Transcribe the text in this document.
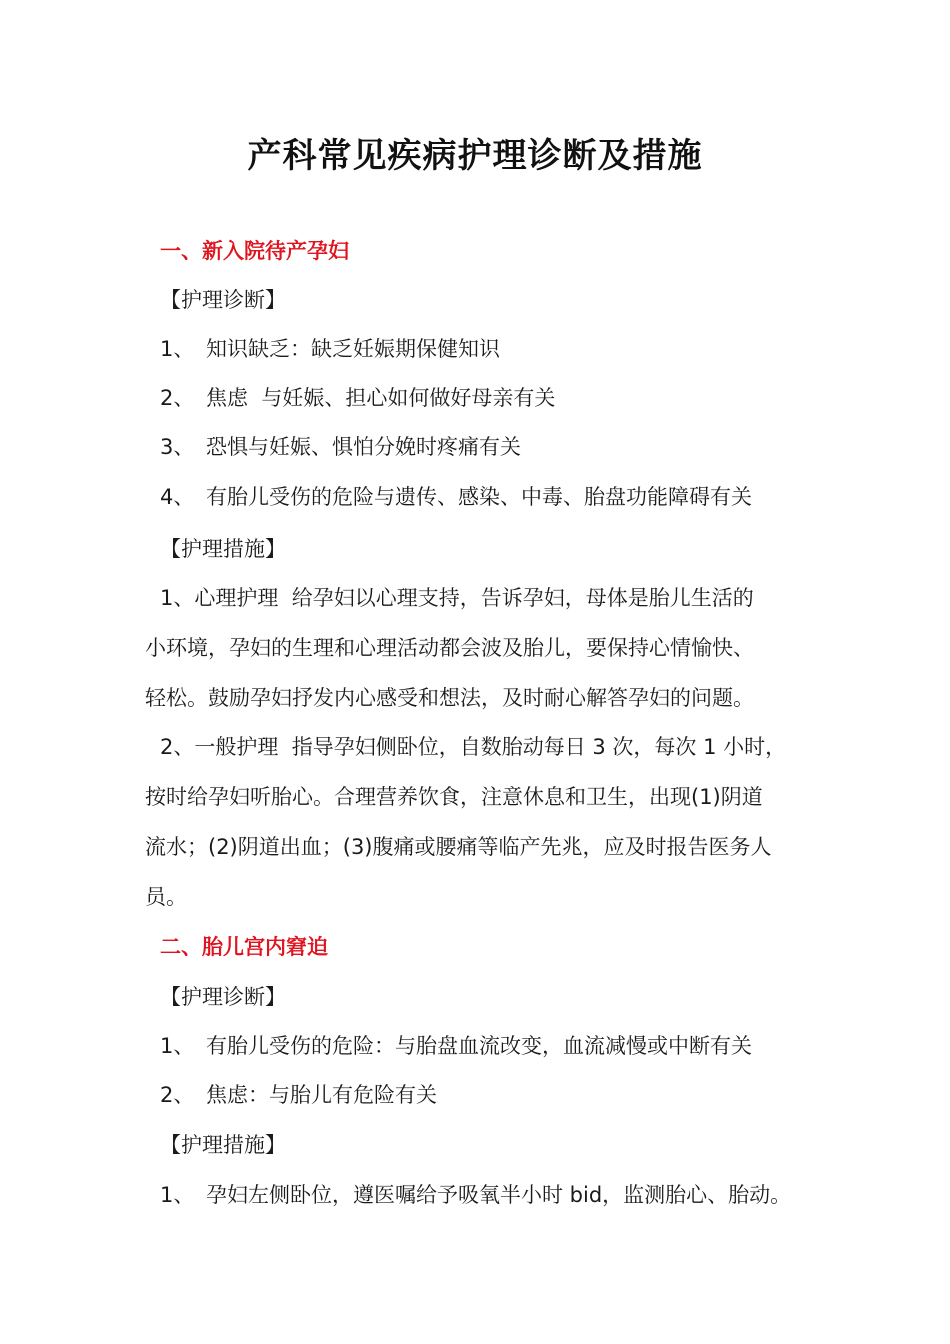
产科常见疾病护理诊断及措施
一、新入院待产孕妇
【护理诊断】
1、 知识缺乏：缺乏妊娠期保健知识
2、 焦虑  与妊娠、担心如何做好母亲有关
3、 恐惧与妊娠、惧怕分娩时疼痛有关
4、 有胎儿受伤的危险与遗传、感染、中毒、胎盘功能障碍有关
【护理措施】
1、心理护理  给孕妇以心理支持，告诉孕妇，母体是胎儿生活的
小环境，孕妇的生理和心理活动都会波及胎儿，要保持心情愉快、
轻松。鼓励孕妇抒发内心感受和想法，及时耐心解答孕妇的问题。
2、一般护理  指导孕妇侧卧位，自数胎动每日 3 次，每次 1 小时，
按时给孕妇听胎心。合理营养饮食，注意休息和卫生，出现(1)阴道
流水；(2)阴道出血；(3)腹痛或腰痛等临产先兆，应及时报告医务人
员。
二、胎儿宫内窘迫
【护理诊断】
1、 有胎儿受伤的危险：与胎盘血流改变，血流减慢或中断有关
2、 焦虑：与胎儿有危险有关
【护理措施】
1、 孕妇左侧卧位，遵医嘱给予吸氧半小时 bid，监测胎心、胎动。
